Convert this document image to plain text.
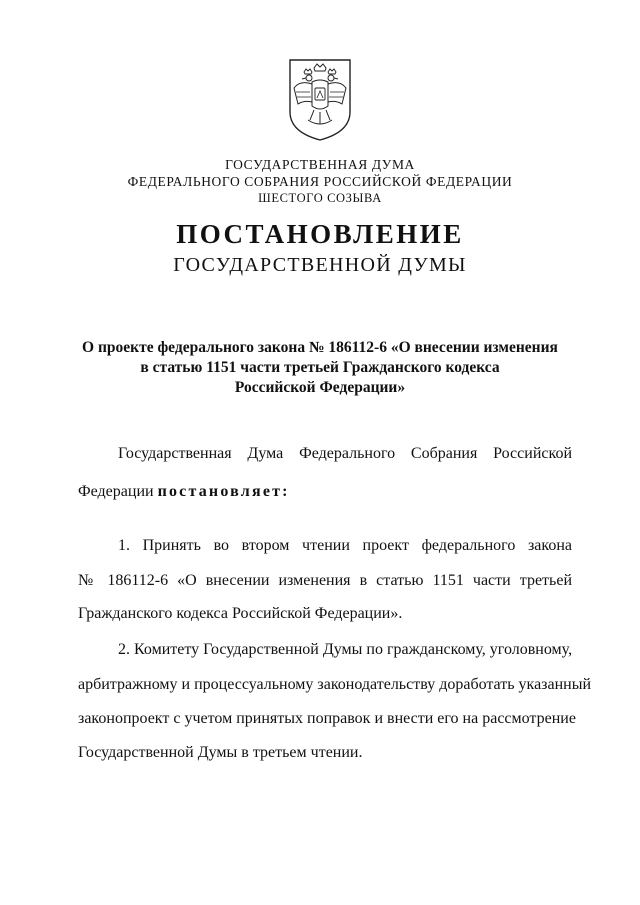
ГОСУДАРСТВЕННАЯ ДУМА
ФЕДЕРАЛЬНОГО СОБРАНИЯ РОССИЙСКОЙ ФЕДЕРАЦИИ
ШЕСТОГО СОЗЫВА
ПОСТАНОВЛЕНИЕ
ГОСУДАРСТВЕННОЙ ДУМЫ
О проекте федерального закона № 186112-6 «О внесении изменения
в статью 1151 части третьей Гражданского кодекса
Российской Федерации»
Государственная Дума Федерального Собрания Российской
Федерации постановляет:
1. Принять во втором чтении проект федерального закона
№ 186112-6 «О внесении изменения в статью 1151 части третьей
Гражданского кодекса Российской Федерации».
2. Комитету Государственной Думы по гражданскому, уголовному,
арбитражному и процессуальному законодательству доработать указанный
законопроект с учетом принятых поправок и внести его на рассмотрение
Государственной Думы в третьем чтении.
